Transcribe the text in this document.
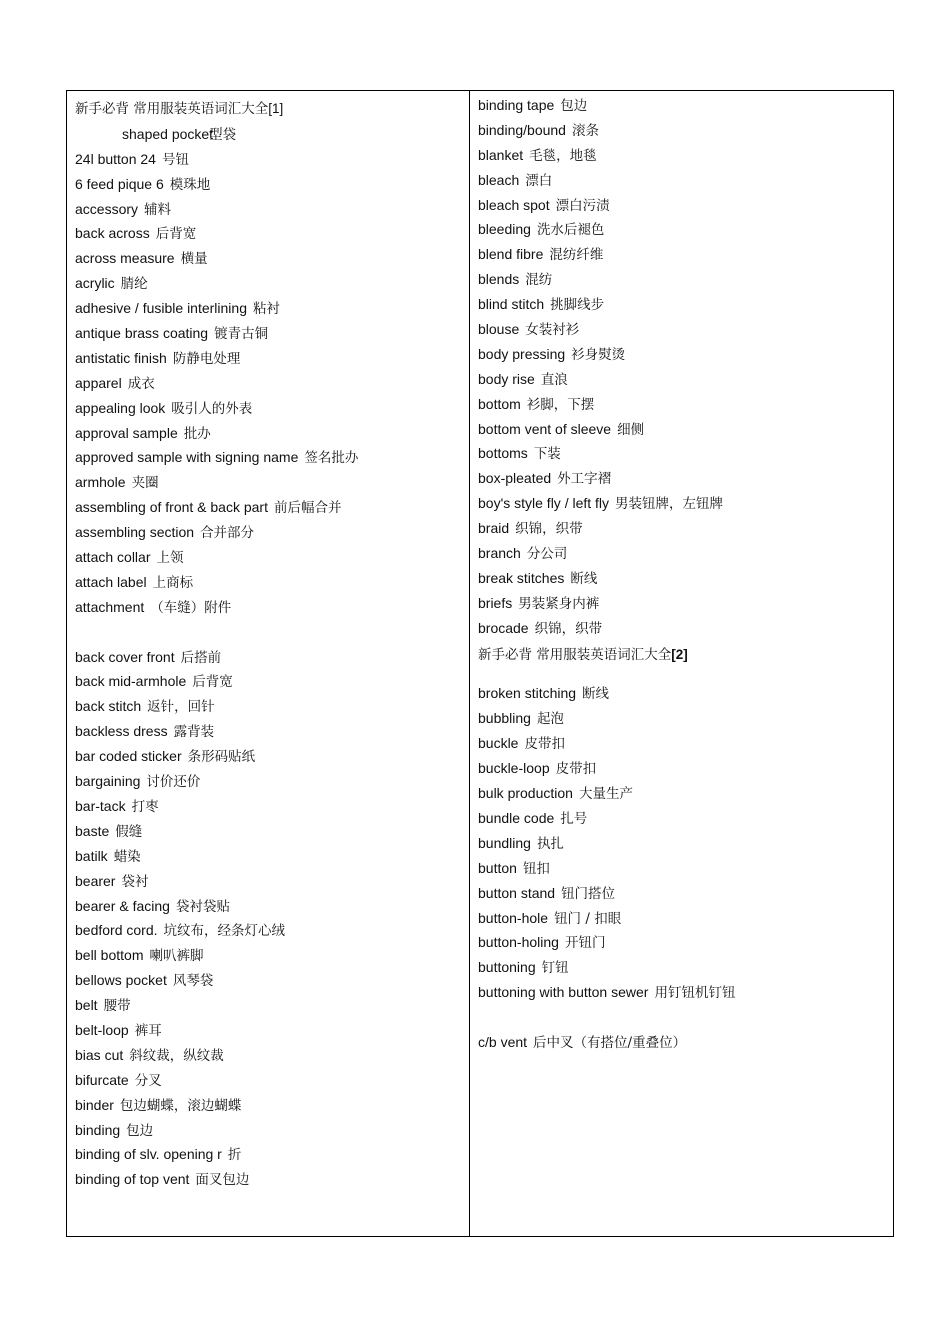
新手必背 常用服装英语词汇大全[1]
shaped pocket型袋
24l button 24 号钮
6 feed pique 6 模珠地
accessory 辅料
back across 后背宽
across measure 横量
acrylic 腈纶
adhesive / fusible interlining 粘衬
antique brass coating 镀青古铜
antistatic finish 防静电处理
apparel 成衣
appealing look 吸引人的外表
approval sample 批办
approved sample with signing name 签名批办
armhole 夹圈
assembling of front & back part 前后幅合并
assembling section 合并部分
attach collar 上领
attach label 上商标
attachment （车缝）附件
back cover front 后搭前
back mid-armhole 后背宽
back stitch 返针，回针
backless dress 露背装
bar coded sticker 条形码贴纸
bargaining 讨价还价
bar-tack 打枣
baste 假缝
batilk 蜡染
bearer 袋衬
bearer & facing 袋衬袋贴
bedford cord. 坑纹布，经条灯心绒
bell bottom 喇叭裤脚
bellows pocket 风琴袋
belt 腰带
belt-loop 裤耳
bias cut 斜纹裁，纵纹裁
bifurcate 分叉
binder 包边蝴蝶，滚边蝴蝶
binding 包边
binding of slv. opening r 折
binding of top vent 面叉包边
binding tape 包边
binding/bound 滚条
blanket 毛毯，地毯
bleach 漂白
bleach spot 漂白污渍
bleeding 洗水后褪色
blend fibre 混纺纤维
blends 混纺
blind stitch 挑脚线步
blouse 女装衬衫
body pressing 衫身熨烫
body rise 直浪
bottom 衫脚，下摆
bottom vent of sleeve 细侧
bottoms 下装
box-pleated 外工字褶
boy's style fly / left fly 男装钮牌，左钮牌
braid 织锦，织带
branch 分公司
break stitches 断线
briefs 男装紧身内裤
brocade 织锦，织带
新手必背 常用服装英语词汇大全[2]
broken stitching 断线
bubbling 起泡
buckle 皮带扣
buckle-loop 皮带扣
bulk production 大量生产
bundle code 扎号
bundling 执扎
button 钮扣
button stand 钮门搭位
button-hole 钮门 / 扣眼
button-holing 开钮门
buttoning 钉钮
buttoning with button sewer 用钉钮机钉钮
c/b vent 后中叉（有搭位/重叠位）
